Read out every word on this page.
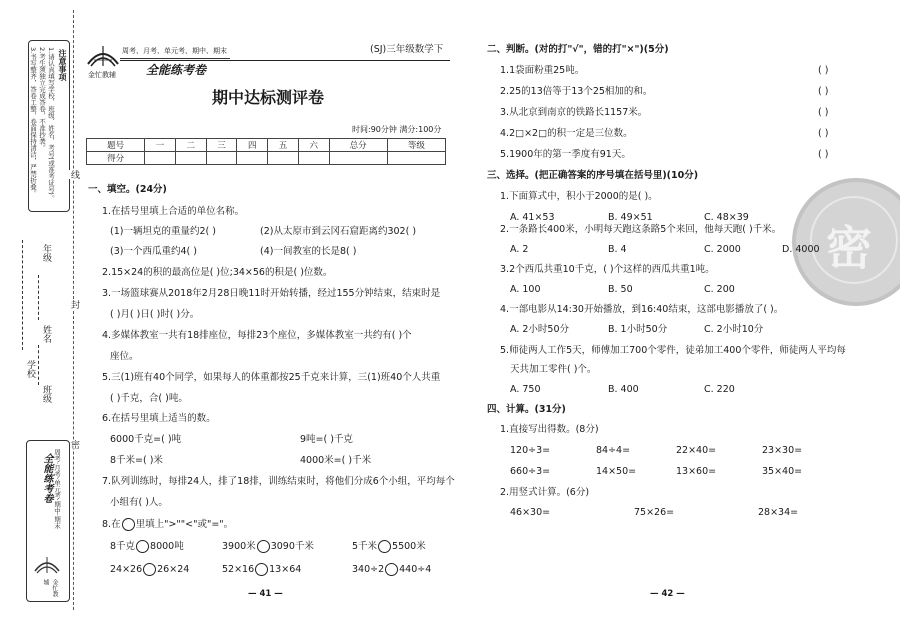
注意事项
1.请认真填写学校、班级、姓名、考号(或准考证号)。
2.考生须独立完成答卷，不准抄袭。
3.书写整齐，答卷工整，卷面保持清洁，严禁折叠。
年级
姓名
学校
班级
线
封
密
周考·月考·单元考·期中·期末
全能练考卷
金忙教辅
周考、月考、单元考、期中、期末
金忙教辅	全能练考卷
(SJ)三年级数学下
期中达标测评卷
时间:90分钟 满分:100分
题号	一	二	三	四	五	六	总分	等级
得分								
一、填空。(24分)
1.在括号里填上合适的单位名称。
(1)一辆坦克的重量约2( )	(2)从太原市到云冈石窟距离约302( )
(3)一个西瓜重约4( )	(4)一间教室的长是8( )
2.15×24的积的最高位是( )位;34×56的积是( )位数。
3.一场篮球赛从2018年2月28日晚11时开始转播，经过155分钟结束，结束时是
( )月( )日( )时( )分。
4.多媒体教室一共有18排座位，每排23个座位，多媒体教室一共约有( )个
座位。
5.三(1)班有40个同学，如果每人的体重都按25千克来计算，三(1)班40个人共重
( )千克，合( )吨。
6.在括号里填上适当的数。
6000千克=( )吨	9吨=( )千克
8千米=( )米	4000米=( )千米
7.队列训练时，每排24人，排了18排，训练结束时，将他们分成6个小组，平均每个
小组有( )人。
8.在 里填上">""<"或"="。
8千克 8000吨	3900米 3090千米	5千米 5500米
24×26 26×24	52×16 13×64	340÷2 440÷4
— 41 —
二、判断。(对的打"√"，错的打"×")(5分)
1.1袋面粉重25吨。	( )
2.25的13倍等于13个25相加的和。	( )
3.从北京到南京的铁路长1157米。	( )
4.2□×2□的积一定是三位数。	( )
5.1900年的第一季度有91天。	( )
三、选择。(把正确答案的序号填在括号里)(10分)
1.下面算式中，积小于2000的是( )。
A. 41×53	B. 49×51	C. 48×39
密
2.一条路长400米，小明每天跑这条路5个来回，他每天跑( )千米。
A. 2	B. 4	C. 2000	D. 4000
3.2个西瓜共重10千克，( )个这样的西瓜共重1吨。
A. 100	B. 50	C. 200
4.一部电影从14:30开始播放，到16:40结束，这部电影播放了( )。
A. 2小时50分	B. 1小时50分	C. 2小时10分
5.师徒两人工作5天，师傅加工700个零件，徒弟加工400个零件，师徒两人平均每
天共加工零件( )个。
A. 750	B. 400	C. 220
四、计算。(31分)
1.直接写出得数。(8分)
120÷3=	84÷4=	22×40=	23×30=
660÷3=	14×50=	13×60=	35×40=
2.用竖式计算。(6分)
46×30=	75×26=	28×34=
— 42 —
